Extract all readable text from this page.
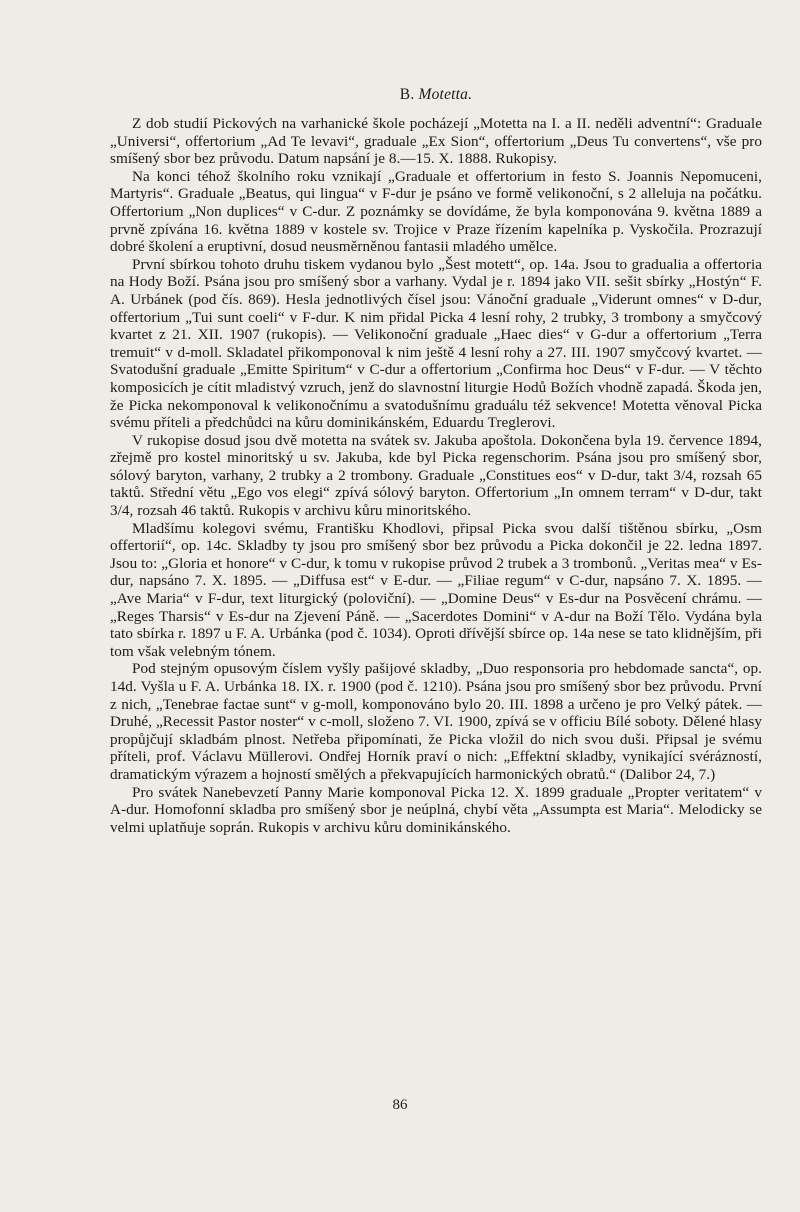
B. Motetta.

Z dob studií Pickových na varhanické škole pocházejí „Motetta na I. a II. neděli adventní“: Graduale „Universi“, offertorium „Ad Te levavi“, graduale „Ex Sion“, offertorium „Deus Tu convertens“, vše pro smíšený sbor bez průvodu. Datum napsání je 8.—15. X. 1888. Rukopisy.

Na konci téhož školního roku vznikají „Graduale et offertorium in festo S. Joannis Nepomuceni, Martyris“. Graduale „Beatus, qui lingua“ v F-dur je psáno ve formě velikonoční, s 2 alleluja na počátku. Offertorium „Non duplices“ v C-dur. Z poznámky se dovídáme, že byla komponována 9. května 1889 a prvně zpívána 16. května 1889 v kostele sv. Trojice v Praze řízením kapelníka p. Vyskočila. Prozrazují dobré školení a eruptivní, dosud neusměrněnou fantasii mladého umělce.

První sbírkou tohoto druhu tiskem vydanou bylo „Šest motett“, op. 14a. Jsou to gradualia a offertoria na Hody Boží. Psána jsou pro smíšený sbor a varhany. Vydal je r. 1894 jako VII. sešit sbírky „Hostýn“ F. A. Urbánek (pod čís. 869). Hesla jednotlivých čísel jsou: Vánoční graduale „Viderunt omnes“ v D-dur, offertorium „Tui sunt coeli“ v F-dur. K nim přidal Picka 4 lesní rohy, 2 trubky, 3 trombony a smyčcový kvartet z 21. XII. 1907 (rukopis). — Velikonoční graduale „Haec dies“ v G-dur a offertorium „Terra tremuit“ v d-moll. Skladatel přikomponoval k nim ještě 4 lesní rohy a 27. III. 1907 smyčcový kvartet. — Svatodušní graduale „Emitte Spiritum“ v C-dur a offertorium „Confirma hoc Deus“ v F-dur. — V těchto komposicích je cítit mladistvý vzruch, jenž do slavnostní liturgie Hodů Božích vhodně zapadá. Škoda jen, že Picka nekomponoval k velikonočnímu a svatodušnímu graduálu též sekvence! Motetta věnoval Picka svému příteli a předchůdci na kůru dominikánském, Eduardu Treglerovi.

V rukopise dosud jsou dvě motetta na svátek sv. Jakuba apoštola. Dokončena byla 19. července 1894, zřejmě pro kostel minoritský u sv. Jakuba, kde byl Picka regenschorim. Psána jsou pro smíšený sbor, sólový baryton, varhany, 2 trubky a 2 trombony. Graduale „Constitues eos“ v D-dur, takt 3/4, rozsah 65 taktů. Střední větu „Ego vos elegi“ zpívá sólový baryton. Offertorium „In omnem terram“ v D-dur, takt 3/4, rozsah 46 taktů. Rukopis v archivu kůru minoritského.

Mladšímu kolegovi svému, Františku Khodlovi, připsal Picka svou další tištěnou sbírku, „Osm offertorií“, op. 14c. Skladby ty jsou pro smíšený sbor bez průvodu a Picka dokončil je 22. ledna 1897. Jsou to: „Gloria et honore“ v C-dur, k tomu v rukopise průvod 2 trubek a 3 trombonů. „Veritas mea“ v Es-dur, napsáno 7. X. 1895. — „Diffusa est“ v E-dur. — „Filiae regum“ v C-dur, napsáno 7. X. 1895. — „Ave Maria“ v F-dur, text liturgický (poloviční). — „Domine Deus“ v Es-dur na Posvěcení chrámu. — „Reges Tharsis“ v Es-dur na Zjevení Páně. — „Sacerdotes Domini“ v A-dur na Boží Tělo. Vydána byla tato sbírka r. 1897 u F. A. Urbánka (pod č. 1034). Oproti dřívější sbírce op. 14a nese se tato klidnějším, při tom však velebným tónem.

Pod stejným opusovým číslem vyšly pašijové skladby, „Duo responsoria pro hebdomade sancta“, op. 14d. Vyšla u F. A. Urbánka 18. IX. r. 1900 (pod č. 1210). Psána jsou pro smíšený sbor bez průvodu. První z nich, „Tenebrae factae sunt“ v g-moll, komponováno bylo 20. III. 1898 a určeno je pro Velký pátek. — Druhé, „Recessit Pastor noster“ v c-moll, složeno 7. VI. 1900, zpívá se v officiu Bílé soboty. Dělené hlasy propůjčují skladbám plnost. Netřeba připomínati, že Picka vložil do nich svou duši. Připsal je svému příteli, prof. Václavu Müllerovi. Ondřej Horník praví o nich: „Effektní skladby, vynikající svérázností, dramatickým výrazem a hojností smělých a překvapujících harmonických obratů.“ (Dalibor 24, 7.)

Pro svátek Nanebevzetí Panny Marie komponoval Picka 12. X. 1899 graduale „Propter veritatem“ v A-dur. Homofonní skladba pro smíšený sbor je neúplná, chybí věta „Assumpta est Maria“. Melodicky se velmi uplatňuje soprán. Rukopis v archivu kůru dominikánského.

86
